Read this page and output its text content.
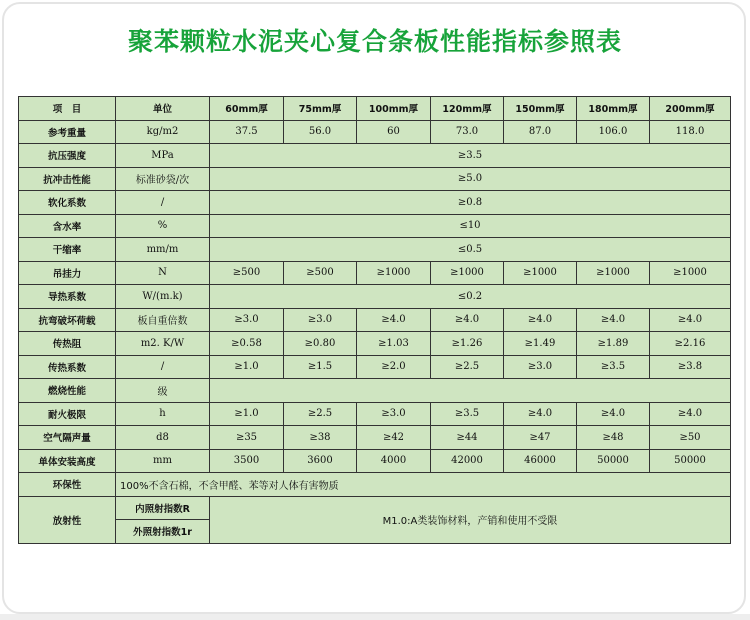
聚苯颗粒水泥夹心复合条板性能指标参照表
项　目	单位	60mm厚	75mm厚	100mm厚	120mm厚	150mm厚	180mm厚	200mm厚
参考重量	kg/m2	37.5	56.0	60	73.0	87.0	106.0	118.0
抗压强度	MPa	≥3.5						
抗冲击性能	标准砂袋/次	≥5.0						
软化系数	/	≥0.8						
含水率	%	≤10						
干缩率	mm/m	≤0.5						
吊挂力	N	≥500	≥500	≥1000	≥1000	≥1000	≥1000	≥1000
导热系数	W/(m.k)	≤0.2						
抗弯破坏荷载	板自重倍数	≥3.0	≥3.0	≥4.0	≥4.0	≥4.0	≥4.0	≥4.0
传热阻	m2. K/W	≥0.58	≥0.80	≥1.03	≥1.26	≥1.49	≥1.89	≥2.16
传热系数	/	≥1.0	≥1.5	≥2.0	≥2.5	≥3.0	≥3.5	≥3.8
燃烧性能	级							
耐火极限	h	≥1.0	≥2.5	≥3.0	≥3.5	≥4.0	≥4.0	≥4.0
空气隔声量	d8	≥35	≥38	≥42	≥44	≥47	≥48	≥50
单体安装高度	mm	3500	3600	4000	42000	46000	50000	50000
环保性	100%不含石棉，不含甲醛、苯等对人体有害物质							
放射性	内照射指数R	M1.0:A类装饰材料，产销和使用不受限						
	外照射指数1r							
